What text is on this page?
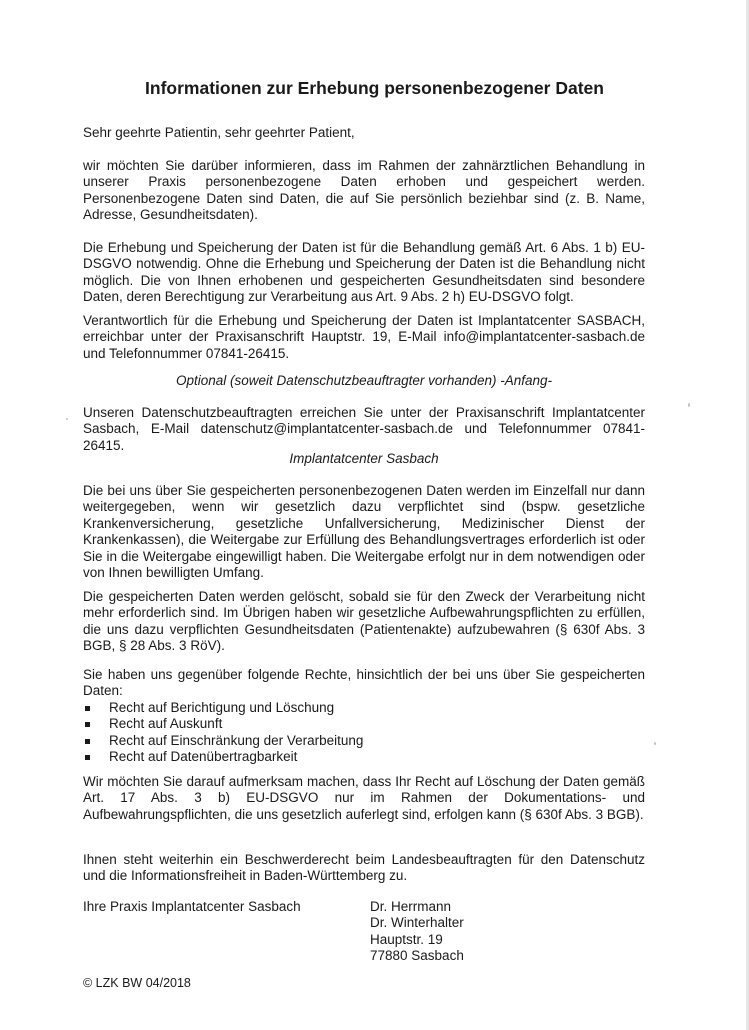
Informationen zur Erhebung personenbezogener Daten

Sehr geehrte Patientin, sehr geehrter Patient,

wir möchten Sie darüber informieren, dass im Rahmen der zahnärztlichen Behandlung in unserer Praxis personenbezogene Daten erhoben und gespeichert werden. Personenbezogene Daten sind Daten, die auf Sie persönlich beziehbar sind (z. B. Name, Adresse, Gesundheitsdaten).

Die Erhebung und Speicherung der Daten ist für die Behandlung gemäß Art. 6 Abs. 1 b) EU-DSGVO notwendig. Ohne die Erhebung und Speicherung der Daten ist die Behandlung nicht möglich. Die von Ihnen erhobenen und gespeicherten Gesundheitsdaten sind besondere Daten, deren Berechtigung zur Verarbeitung aus Art. 9 Abs. 2 h) EU-DSGVO folgt.

Verantwortlich für die Erhebung und Speicherung der Daten ist Implantatcenter SASBACH, erreichbar unter der Praxisanschrift Hauptstr. 19, E-Mail info@implantatcenter-sasbach.de und Telefonnummer 07841-26415.

Optional (soweit Datenschutzbeauftragter vorhanden) -Anfang-

Unseren Datenschutzbeauftragten erreichen Sie unter der Praxisanschrift Implantatcenter Sasbach, E-Mail datenschutz@implantatcenter-sasbach.de und Telefonnummer 07841-26415.

Implantatcenter Sasbach

Die bei uns über Sie gespeicherten personenbezogenen Daten werden im Einzelfall nur dann weitergegeben, wenn wir gesetzlich dazu verpflichtet sind (bspw. gesetzliche Krankenversicherung, gesetzliche Unfallversicherung, Medizinischer Dienst der Krankenkassen), die Weitergabe zur Erfüllung des Behandlungsvertrages erforderlich ist oder Sie in die Weitergabe eingewilligt haben. Die Weitergabe erfolgt nur in dem notwendigen oder von Ihnen bewilligten Umfang.

Die gespeicherten Daten werden gelöscht, sobald sie für den Zweck der Verarbeitung nicht mehr erforderlich sind. Im Übrigen haben wir gesetzliche Aufbewahrungspflichten zu erfüllen, die uns dazu verpflichten Gesundheitsdaten (Patientenakte) aufzubewahren (§ 630f Abs. 3 BGB, § 28 Abs. 3 RöV).

Sie haben uns gegenüber folgende Rechte, hinsichtlich der bei uns über Sie gespeicherten Daten:
Recht auf Berichtigung und Löschung
Recht auf Auskunft
Recht auf Einschränkung der Verarbeitung
Recht auf Datenübertragbarkeit

Wir möchten Sie darauf aufmerksam machen, dass Ihr Recht auf Löschung der Daten gemäß Art. 17 Abs. 3 b) EU-DSGVO nur im Rahmen der Dokumentations- und Aufbewahrungspflichten, die uns gesetzlich auferlegt sind, erfolgen kann (§ 630f Abs. 3 BGB).

Ihnen steht weiterhin ein Beschwerderecht beim Landesbeauftragten für den Datenschutz und die Informationsfreiheit in Baden-Württemberg zu.

Ihre Praxis Implantatcenter Sasbach	Dr. Herrmann
Dr. Winterhalter
Hauptstr. 19
77880 Sasbach
© LZK BW 04/2018
